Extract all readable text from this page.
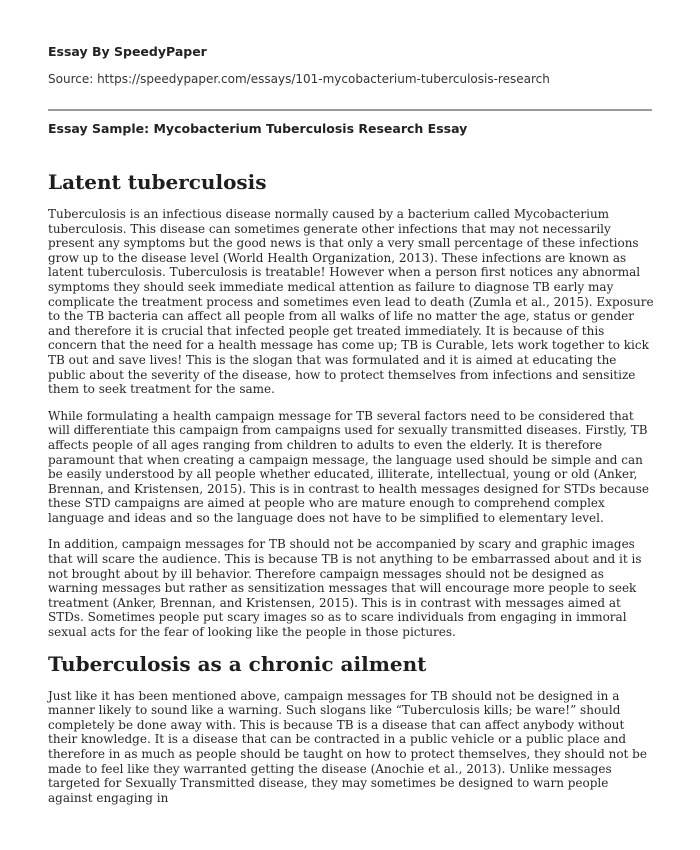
Essay By SpeedyPaper
Source: https://speedypaper.com/essays/101-mycobacterium-tuberculosis-research
Essay Sample: Mycobacterium Tuberculosis Research Essay
Latent tuberculosis

Tuberculosis is an infectious disease normally caused by a bacterium called Mycobacterium tuberculosis. This disease can sometimes generate other infections that may not necessarily present any symptoms but the good news is that only a very small percentage of these infections grow up to the disease level (World Health Organization, 2013). These infections are known as latent tuberculosis. Tuberculosis is treatable! However when a person first notices any abnormal symptoms they should seek immediate medical attention as failure to diagnose TB early may complicate the treatment process and sometimes even lead to death (Zumla et al., 2015). Exposure to the TB bacteria can affect all people from all walks of life no matter the age, status or gender and therefore it is crucial that infected people get treated immediately. It is because of this concern that the need for a health message has come up; TB is Curable, lets work together to kick TB out and save lives! This is the slogan that was formulated and it is aimed at educating the public about the severity of the disease, how to protect themselves from infections and sensitize them to seek treatment for the same.

While formulating a health campaign message for TB several factors need to be considered that will differentiate this campaign from campaigns used for sexually transmitted diseases. Firstly, TB affects people of all ages ranging from children to adults to even the elderly. It is therefore paramount that when creating a campaign message, the language used should be simple and can be easily understood by all people whether educated, illiterate, intellectual, young or old (Anker, Brennan, and Kristensen, 2015). This is in contrast to health messages designed for STDs because these STD campaigns are aimed at people who are mature enough to comprehend complex language and ideas and so the language does not have to be simplified to elementary level.

In addition, campaign messages for TB should not be accompanied by scary and graphic images that will scare the audience. This is because TB is not anything to be embarrassed about and it is not brought about by ill behavior. Therefore campaign messages should not be designed as warning messages but rather as sensitization messages that will encourage more people to seek treatment (Anker, Brennan, and Kristensen, 2015). This is in contrast with messages aimed at STDs. Sometimes people put scary images so as to scare individuals from engaging in immoral sexual acts for the fear of looking like the people in those pictures.

Tuberculosis as a chronic ailment

Just like it has been mentioned above, campaign messages for TB should not be designed in a manner likely to sound like a warning. Such slogans like “Tuberculosis kills; be ware!” should completely be done away with. This is because TB is a disease that can affect anybody without their knowledge. It is a disease that can be contracted in a public vehicle or a public place and therefore in as much as people should be taught on how to protect themselves, they should not be made to feel like they warranted getting the disease (Anochie et al., 2013). Unlike messages targeted for Sexually Transmitted disease, they may sometimes be designed to warn people against engaging in
